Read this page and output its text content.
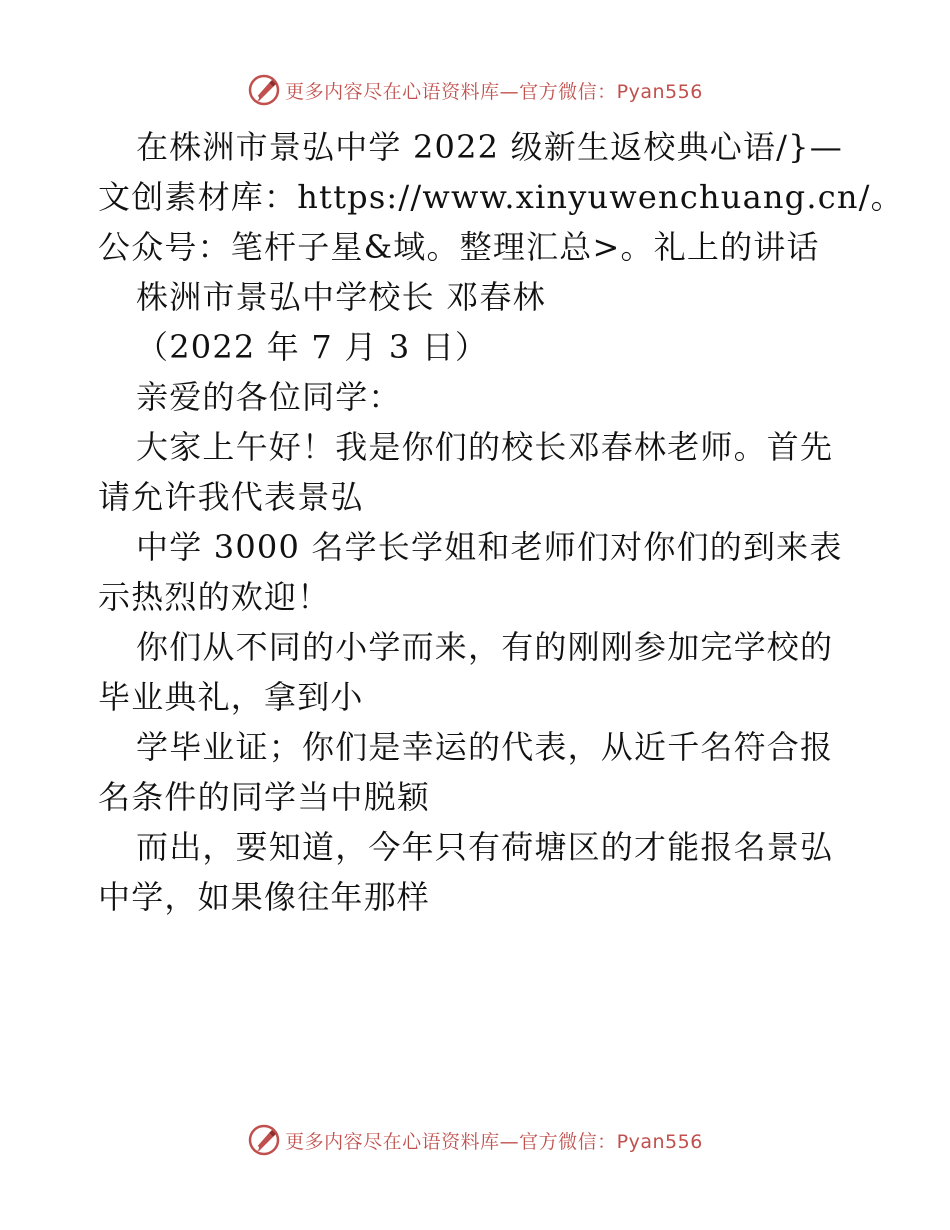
更多内容尽在心语资料库—官方微信：Pyan556
在株洲市景弘中学 2022 级新生返校典心语/}—
文创素材库：https://www.xinyuwenchuang.cn/。
公众号：笔杆子星&域。整理汇总>。礼上的讲话
株洲市景弘中学校长 邓春林
（2022 年 7 月 3 日）
亲爱的各位同学：
大家上午好！我是你们的校长邓春林老师。首先
请允许我代表景弘
中学 3000 名学长学姐和老师们对你们的到来表
示热烈的欢迎！
你们从不同的小学而来，有的刚刚参加完学校的
毕业典礼，拿到小
学毕业证；你们是幸运的代表，从近千名符合报
名条件的同学当中脱颖
而出，要知道，今年只有荷塘区的才能报名景弘
中学，如果像往年那样
更多内容尽在心语资料库—官方微信：Pyan556
